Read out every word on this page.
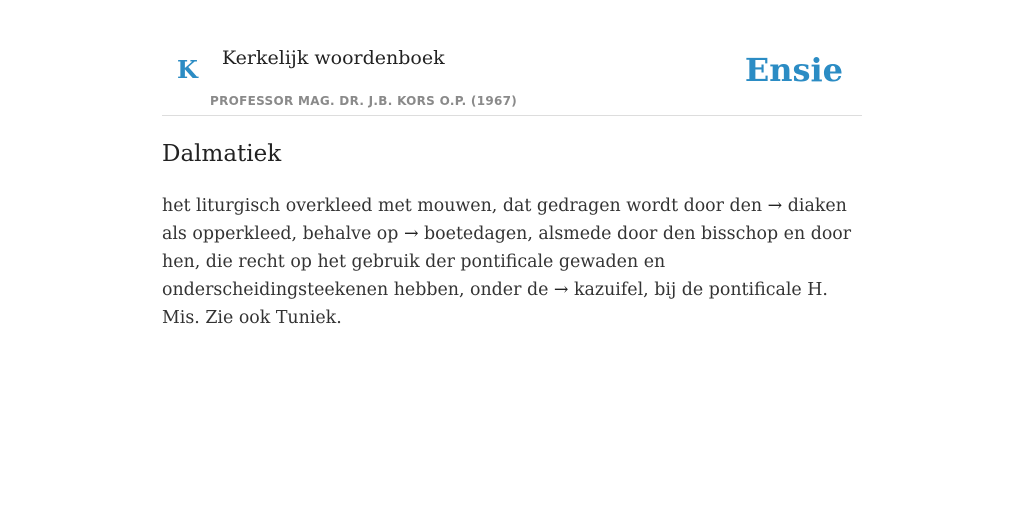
K Kerkelijk woordenboek
PROFESSOR MAG. DR. J.B. KORS O.P. (1967)
Ensie
Dalmatiek

het liturgisch overkleed met mouwen, dat gedragen wordt door den → diaken als opperkleed, behalve op → boetedagen, alsmede door den bisschop en door hen, die recht op het gebruik der pontificale gewaden en onderscheidingsteekenen hebben, onder de → kazuifel, bij de pontificale H. Mis. Zie ook Tuniek.
